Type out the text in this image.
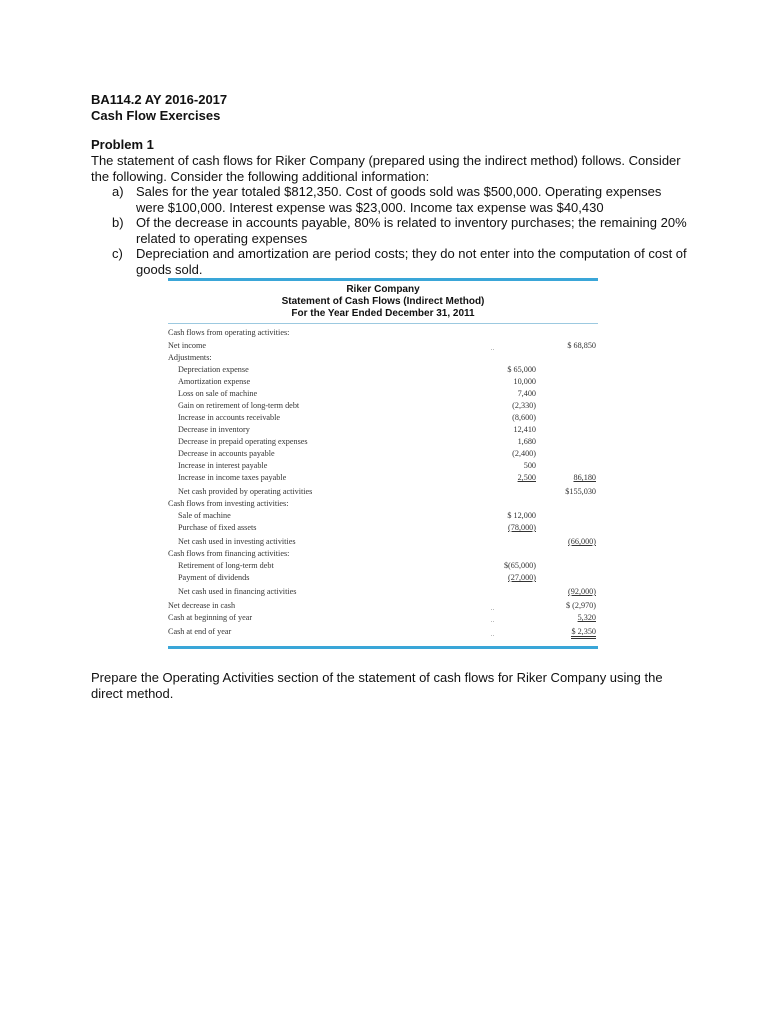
BA114.2 AY 2016-2017
Cash Flow Exercises
Problem 1

The statement of cash flows for Riker Company (prepared using the indirect method) follows. Consider the following. Consider the following additional information:

a) Sales for the year totaled $812,350. Cost of goods sold was $500,000. Operating expenses were $100,000. Interest expense was $23,000. Income tax expense was $40,430
b) Of the decrease in accounts payable, 80% is related to inventory purchases; the remaining 20% related to operating expenses
c) Depreciation and amortization are period costs; they do not enter into the computation of cost of goods sold.
Riker Company
Statement of Cash Flows (Indirect Method)
For the Year Ended December 31, 2011
Cash flows from operating activities:
Net income	$ 68,850
Adjustments:
Depreciation expense	$ 65,000
Amortization expense	10,000
Loss on sale of machine	7,400
Gain on retirement of long-term debt	(2,330)
Increase in accounts receivable	(8,600)
Decrease in inventory	12,410
Decrease in prepaid operating expenses	1,680
Decrease in accounts payable	(2,400)
Increase in interest payable	500
Increase in income taxes payable	2,500	86,180
Net cash provided by operating activities	$155,030
Cash flows from investing activities:
Sale of machine	$ 12,000
Purchase of fixed assets	(78,000)
Net cash used in investing activities	(66,000)
Cash flows from financing activities:
Retirement of long-term debt	$(65,000)
Payment of dividends	(27,000)
Net cash used in financing activities	(92,000)
Net decrease in cash	$ (2,970)
Cash at beginning of year	5,320
Cash at end of year	$ 2,350
Prepare the Operating Activities section of the statement of cash flows for Riker Company using the direct method.
